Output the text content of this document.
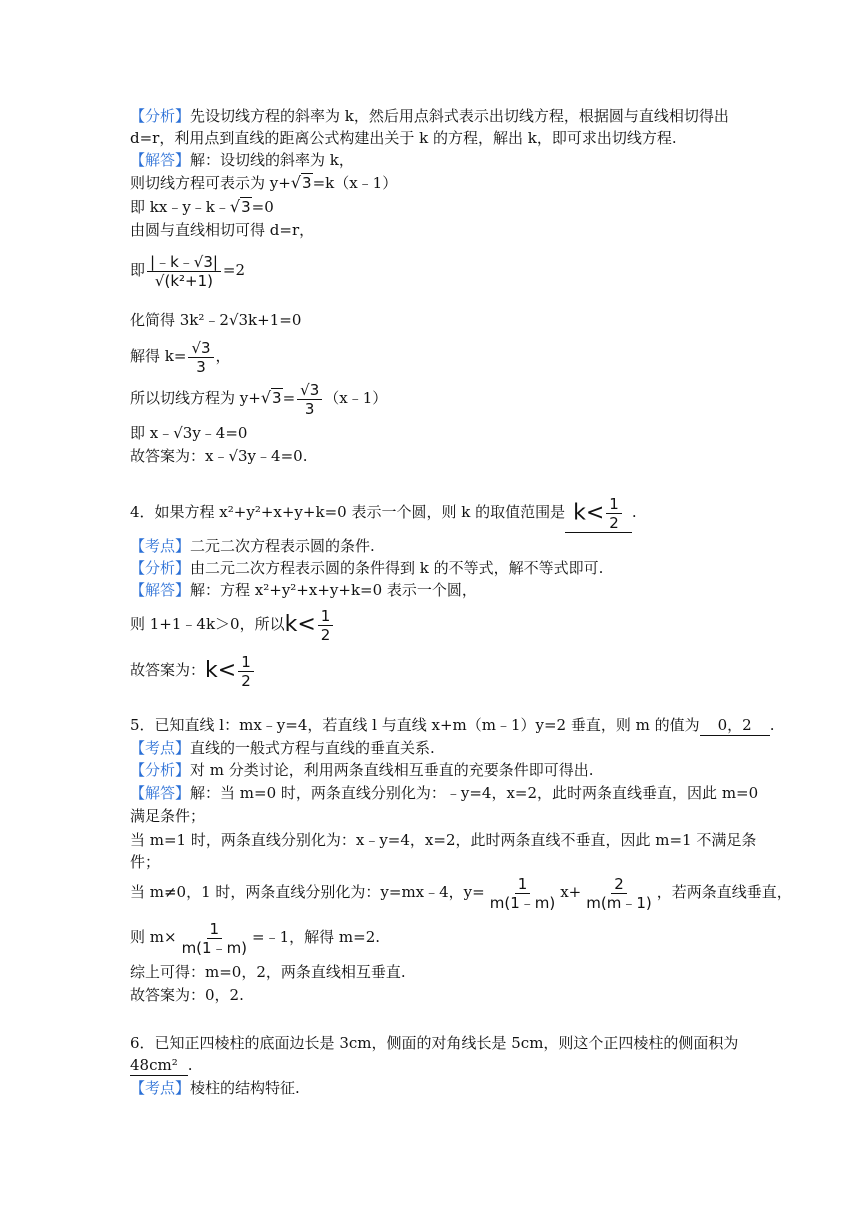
【分析】先设切线方程的斜率为 k，然后用点斜式表示出切线方程，根据圆与直线相切得出
d=r，利用点到直线的距离公式构建出关于 k 的方程，解出 k，即可求出切线方程.
【解答】解：设切线的斜率为 k，
则切线方程可表示为 y+√3=k（x﹣1）
即 kx﹣y﹣k﹣√3=0
由圆与直线相切可得 d=r，
即 $\frac{|﹣k﹣√3|}{\text{√(k²+1)}} =2$
化简得 3k²﹣2√3k+1=0
解得 $k= \frac{√3}{3}$ ，
所以切线方程为 $y+√3= \frac{√3}{3}$ （x﹣1）
即 x﹣√3y﹣4=0
故答案为：x﹣√3y﹣4=0.
4．如果方程 x²+y²+x+y+k=0 表示一个圆，则 k 的取值范围是 $k< \frac{1}{2}$ .
【考点】二元二次方程表示圆的条件.
【分析】由二元二次方程表示圆的条件得到 k 的不等式，解不等式即可.
【解答】解：方程 x²+y²+x+y+k=0 表示一个圆，
则 1+1﹣4k＞0，所以$k< \frac{1}{2}$
故答案为：$k< \frac{1}{2}$
5．已知直线 l：mx﹣y=4，若直线 l 与直线 x+m（m﹣1）y=2 垂直，则 m 的值为 0，2 .
【考点】直线的一般式方程与直线的垂直关系.
【分析】对 m 分类讨论，利用两条直线相互垂直的充要条件即可得出.
【解答】解：当 m=0 时，两条直线分别化为：﹣y=4，x=2，此时两条直线垂直，因此 m=0
满足条件；
当 m=1 时，两条直线分别化为：x﹣y=4，x=2，此时两条直线不垂直，因此 m=1 不满足条
件；
当 m≠0，1 时，两条直线分别化为：y=mx﹣4，$y= \frac{1}{m(1﹣m)} x+ \frac{2}{m(m﹣1)}$ ，若两条直线垂直，
则 $m\times \frac{1}{m(1﹣m)}$ =﹣1，解得 m=2.
综上可得：m=0，2，两条直线相互垂直.
故答案为：0，2.
6．已知正四棱柱的底面边长是 3cm，侧面的对角线长是 5cm，则这个正四棱柱的侧面积为
48cm² .
【考点】棱柱的结构特征.
